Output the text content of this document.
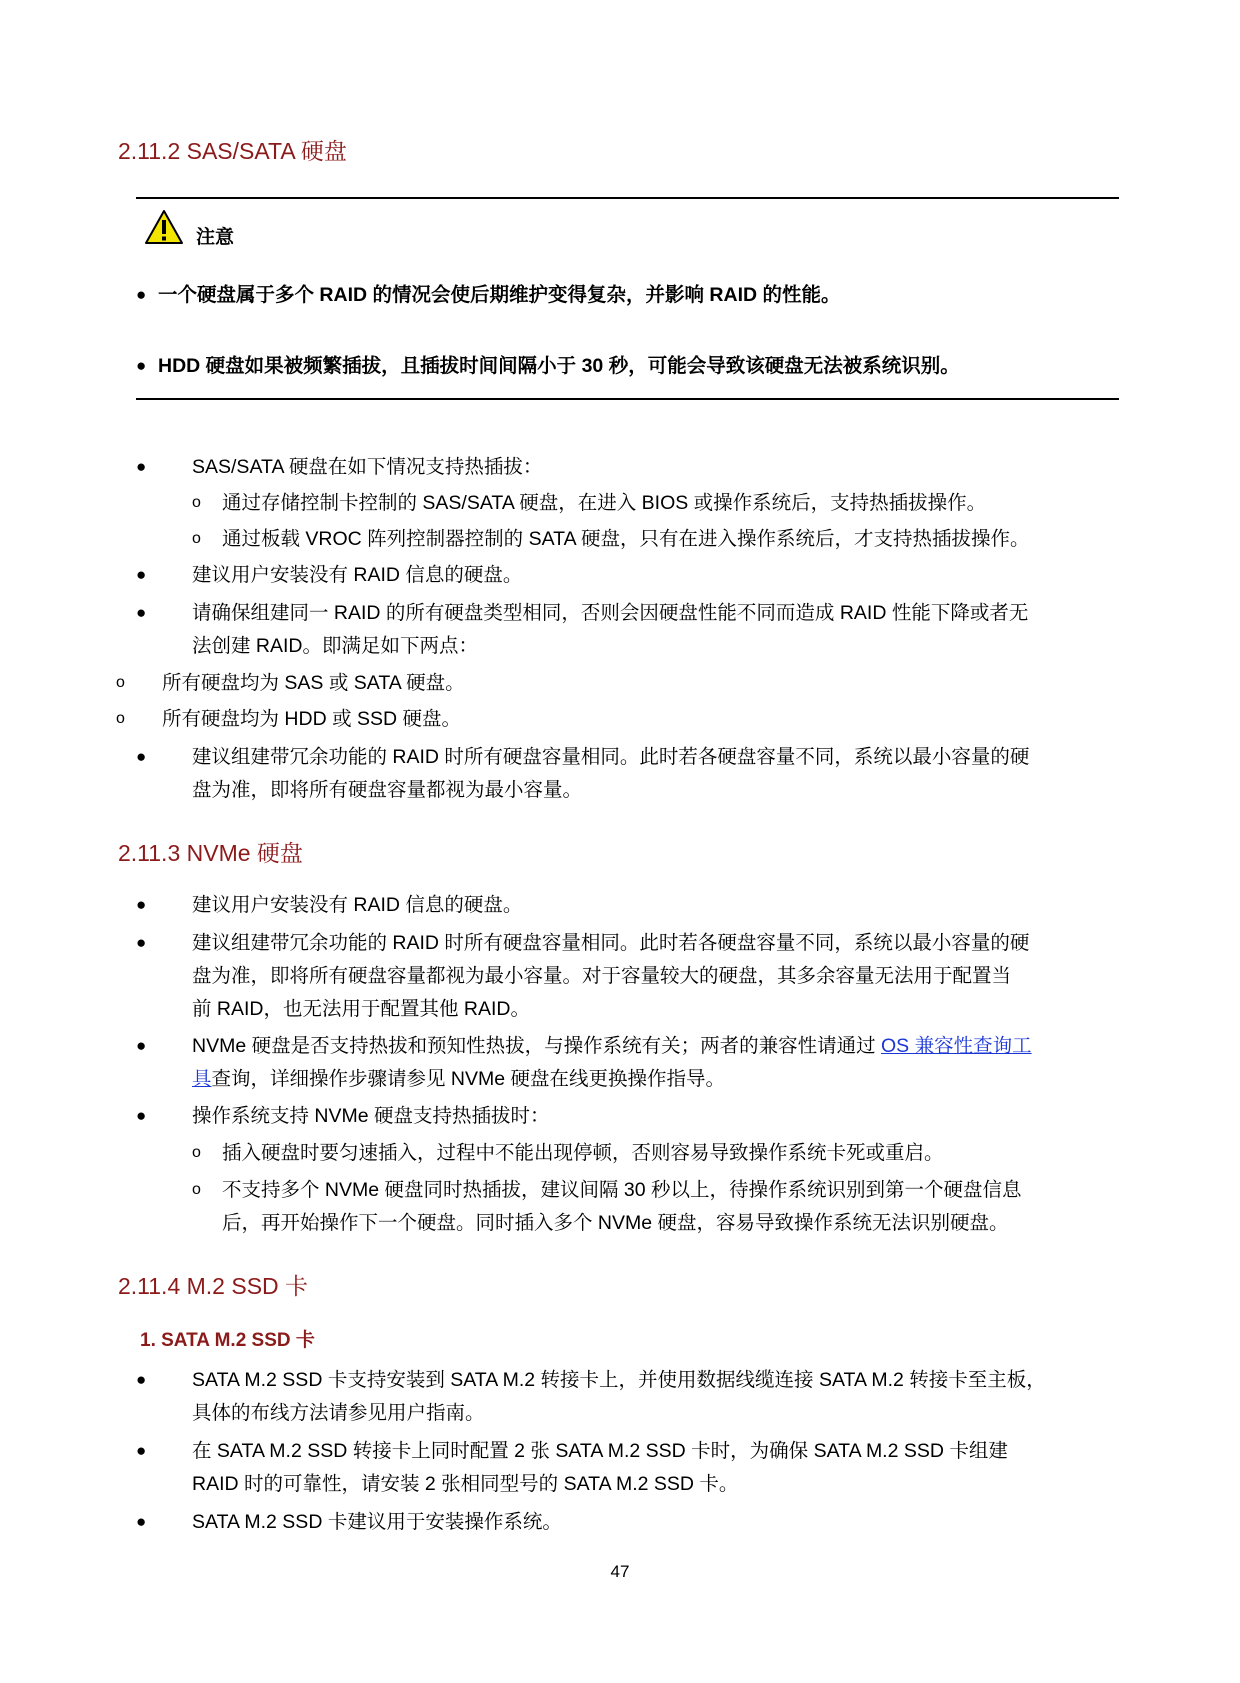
2.11.2 SAS/SATA 硬盘
注意
● 一个硬盘属于多个 RAID 的情况会使后期维护变得复杂，并影响 RAID 的性能。
● HDD 硬盘如果被频繁插拔，且插拔时间间隔小于 30 秒，可能会导致该硬盘无法被系统识别。
● SAS/SATA 硬盘在如下情况支持热插拔：
o 通过存储控制卡控制的 SAS/SATA 硬盘，在进入 BIOS 或操作系统后，支持热插拔操作。
o 通过板载 VROC 阵列控制器控制的 SATA 硬盘，只有在进入操作系统后，才支持热插拔操作。
● 建议用户安装没有 RAID 信息的硬盘。
● 请确保组建同一 RAID 的所有硬盘类型相同，否则会因硬盘性能不同而造成 RAID 性能下降或者无
法创建 RAID。即满足如下两点：
o 所有硬盘均为 SAS 或 SATA 硬盘。
o 所有硬盘均为 HDD 或 SSD 硬盘。
● 建议组建带冗余功能的 RAID 时所有硬盘容量相同。此时若各硬盘容量不同，系统以最小容量的硬
盘为准，即将所有硬盘容量都视为最小容量。
2.11.3 NVMe 硬盘
● 建议用户安装没有 RAID 信息的硬盘。
● 建议组建带冗余功能的 RAID 时所有硬盘容量相同。此时若各硬盘容量不同，系统以最小容量的硬
盘为准，即将所有硬盘容量都视为最小容量。对于容量较大的硬盘，其多余容量无法用于配置当
前 RAID，也无法用于配置其他 RAID。
● NVMe 硬盘是否支持热拔和预知性热拔，与操作系统有关；两者的兼容性请通过 OS 兼容性查询工
具查询，详细操作步骤请参见 NVMe 硬盘在线更换操作指导。
● 操作系统支持 NVMe 硬盘支持热插拔时：
o 插入硬盘时要匀速插入，过程中不能出现停顿，否则容易导致操作系统卡死或重启。
o 不支持多个 NVMe 硬盘同时热插拔，建议间隔 30 秒以上，待操作系统识别到第一个硬盘信息
后，再开始操作下一个硬盘。同时插入多个 NVMe 硬盘，容易导致操作系统无法识别硬盘。
2.11.4 M.2 SSD 卡
1. SATA M.2 SSD 卡
● SATA M.2 SSD 卡支持安装到 SATA M.2 转接卡上，并使用数据线缆连接 SATA M.2 转接卡至主板，
具体的布线方法请参见用户指南。
● 在 SATA M.2 SSD 转接卡上同时配置 2 张 SATA M.2 SSD 卡时，为确保 SATA M.2 SSD 卡组建
RAID 时的可靠性，请安装 2 张相同型号的 SATA M.2 SSD 卡。
● SATA M.2 SSD 卡建议用于安装操作系统。
47
